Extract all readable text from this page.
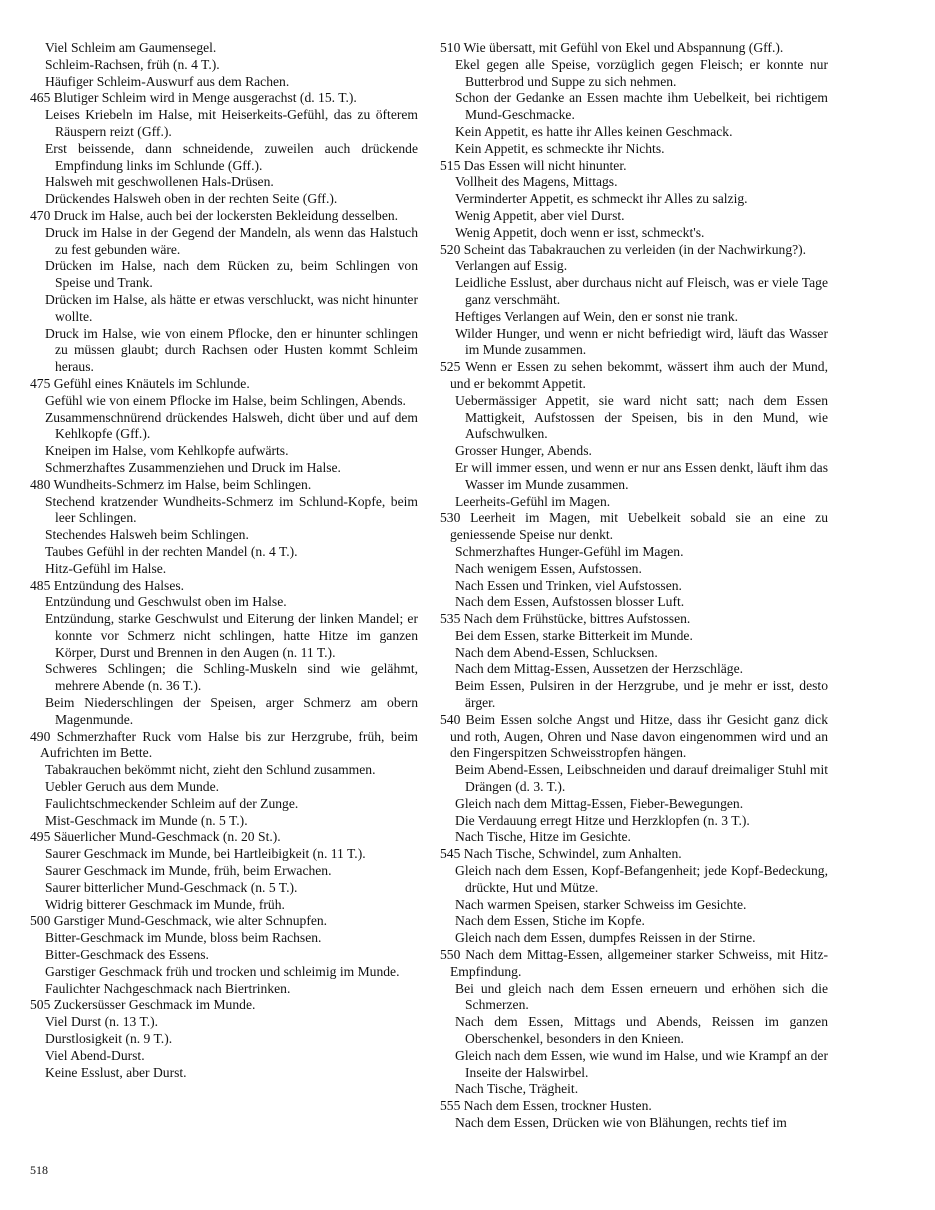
Viel Schleim am Gaumensegel.
Schleim-Rachsen, früh (n. 4 T.).
Häufiger Schleim-Auswurf aus dem Rachen.
465 Blutiger Schleim wird in Menge ausgerachst (d. 15. T.).
Leises Kriebeln im Halse, mit Heiserkeits-Gefühl, das zu öfterem Räuspern reizt (Gff.).
Erst beissende, dann schneidende, zuweilen auch drückende Empfindung links im Schlunde (Gff.).
Halsweh mit geschwollenen Hals-Drüsen.
Drückendes Halsweh oben in der rechten Seite (Gff.).
470 Druck im Halse, auch bei der lockersten Bekleidung desselben.
Druck im Halse in der Gegend der Mandeln, als wenn das Halstuch zu fest gebunden wäre.
Drücken im Halse, nach dem Rücken zu, beim Schlingen von Speise und Trank.
Drücken im Halse, als hätte er etwas verschluckt, was nicht hinunter wollte.
Druck im Halse, wie von einem Pflocke, den er hinunter schlingen zu müssen glaubt; durch Rachsen oder Husten kommt Schleim heraus.
475 Gefühl eines Knäutels im Schlunde.
Gefühl wie von einem Pflocke im Halse, beim Schlingen, Abends.
Zusammenschnürend drückendes Halsweh, dicht über und auf dem Kehlkopfe (Gff.).
Kneipen im Halse, vom Kehlkopfe aufwärts.
Schmerzhaftes Zusammenziehen und Druck im Halse.
480 Wundheits-Schmerz im Halse, beim Schlingen.
Stechend kratzender Wundheits-Schmerz im Schlund-Kopfe, beim leer Schlingen.
Stechendes Halsweh beim Schlingen.
Taubes Gefühl in der rechten Mandel (n. 4 T.).
Hitz-Gefühl im Halse.
485 Entzündung des Halses.
Entzündung und Geschwulst oben im Halse.
Entzündung, starke Geschwulst und Eiterung der linken Mandel; er konnte vor Schmerz nicht schlingen, hatte Hitze im ganzen Körper, Durst und Brennen in den Augen (n. 11 T.).
Schweres Schlingen; die Schling-Muskeln sind wie gelähmt, mehrere Abende (n. 36 T.).
Beim Niederschlingen der Speisen, arger Schmerz am obern Magenmunde.
490 Schmerzhafter Ruck vom Halse bis zur Herzgrube, früh, beim Aufrichten im Bette.
Tabakrauchen bekömmt nicht, zieht den Schlund zusammen.
Uebler Geruch aus dem Munde.
Faulichtschmeckender Schleim auf der Zunge.
Mist-Geschmack im Munde (n. 5 T.).
495 Säuerlicher Mund-Geschmack (n. 20 St.).
Saurer Geschmack im Munde, bei Hartleibigkeit (n. 11 T.).
Saurer Geschmack im Munde, früh, beim Erwachen.
Saurer bitterlicher Mund-Geschmack (n. 5 T.).
Widrig bitterer Geschmack im Munde, früh.
500 Garstiger Mund-Geschmack, wie alter Schnupfen.
Bitter-Geschmack im Munde, bloss beim Rachsen.
Bitter-Geschmack des Essens.
Garstiger Geschmack früh und trocken und schleimig im Munde.
Faulichter Nachgeschmack nach Biertrinken.
505 Zuckersüsser Geschmack im Munde.
Viel Durst (n. 13 T.).
Durstlosigkeit (n. 9 T.).
Viel Abend-Durst.
Keine Esslust, aber Durst.
510 Wie übersatt, mit Gefühl von Ekel und Abspannung (Gff.).
Ekel gegen alle Speise, vorzüglich gegen Fleisch; er konnte nur Butterbrod und Suppe zu sich nehmen.
Schon der Gedanke an Essen machte ihm Uebelkeit, bei richtigem Mund-Geschmacke.
Kein Appetit, es hatte ihr Alles keinen Geschmack.
Kein Appetit, es schmeckte ihr Nichts.
515 Das Essen will nicht hinunter.
Vollheit des Magens, Mittags.
Verminderter Appetit, es schmeckt ihr Alles zu salzig.
Wenig Appetit, aber viel Durst.
Wenig Appetit, doch wenn er isst, schmeckt's.
520 Scheint das Tabakrauchen zu verleiden (in der Nachwirkung?).
Verlangen auf Essig.
Leidliche Esslust, aber durchaus nicht auf Fleisch, was er viele Tage ganz verschmäht.
Heftiges Verlangen auf Wein, den er sonst nie trank.
Wilder Hunger, und wenn er nicht befriedigt wird, läuft das Wasser im Munde zusammen.
525 Wenn er Essen zu sehen bekommt, wässert ihm auch der Mund, und er bekommt Appetit.
Uebermässiger Appetit, sie ward nicht satt; nach dem Essen Mattigkeit, Aufstossen der Speisen, bis in den Mund, wie Aufschwulken.
Grosser Hunger, Abends.
Er will immer essen, und wenn er nur ans Essen denkt, läuft ihm das Wasser im Munde zusammen.
Leerheits-Gefühl im Magen.
530 Leerheit im Magen, mit Uebelkeit sobald sie an eine zu geniessende Speise nur denkt.
Schmerzhaftes Hunger-Gefühl im Magen.
Nach wenigem Essen, Aufstossen.
Nach Essen und Trinken, viel Aufstossen.
Nach dem Essen, Aufstossen blosser Luft.
535 Nach dem Frühstücke, bittres Aufstossen.
Bei dem Essen, starke Bitterkeit im Munde.
Nach dem Abend-Essen, Schlucksen.
Nach dem Mittag-Essen, Aussetzen der Herzschläge.
Beim Essen, Pulsiren in der Herzgrube, und je mehr er isst, desto ärger.
540 Beim Essen solche Angst und Hitze, dass ihr Gesicht ganz dick und roth, Augen, Ohren und Nase davon eingenommen wird und an den Fingerspitzen Schweisstropfen hängen.
Beim Abend-Essen, Leibschneiden und darauf dreimaliger Stuhl mit Drängen (d. 3. T.).
Gleich nach dem Mittag-Essen, Fieber-Bewegungen.
Die Verdauung erregt Hitze und Herzklopfen (n. 3 T.).
Nach Tische, Hitze im Gesichte.
545 Nach Tische, Schwindel, zum Anhalten.
Gleich nach dem Essen, Kopf-Befangenheit; jede Kopf-Bedeckung, drückte, Hut und Mütze.
Nach warmen Speisen, starker Schweiss im Gesichte.
Nach dem Essen, Stiche im Kopfe.
Gleich nach dem Essen, dumpfes Reissen in der Stirne.
550 Nach dem Mittag-Essen, allgemeiner starker Schweiss, mit Hitz-Empfindung.
Bei und gleich nach dem Essen erneuern und erhöhen sich die Schmerzen.
Nach dem Essen, Mittags und Abends, Reissen im ganzen Oberschenkel, besonders in den Knieen.
Gleich nach dem Essen, wie wund im Halse, und wie Krampf an der Inseite der Halswirbel.
Nach Tische, Trägheit.
555 Nach dem Essen, trockner Husten.
Nach dem Essen, Drücken wie von Blähungen, rechts tief im
518
